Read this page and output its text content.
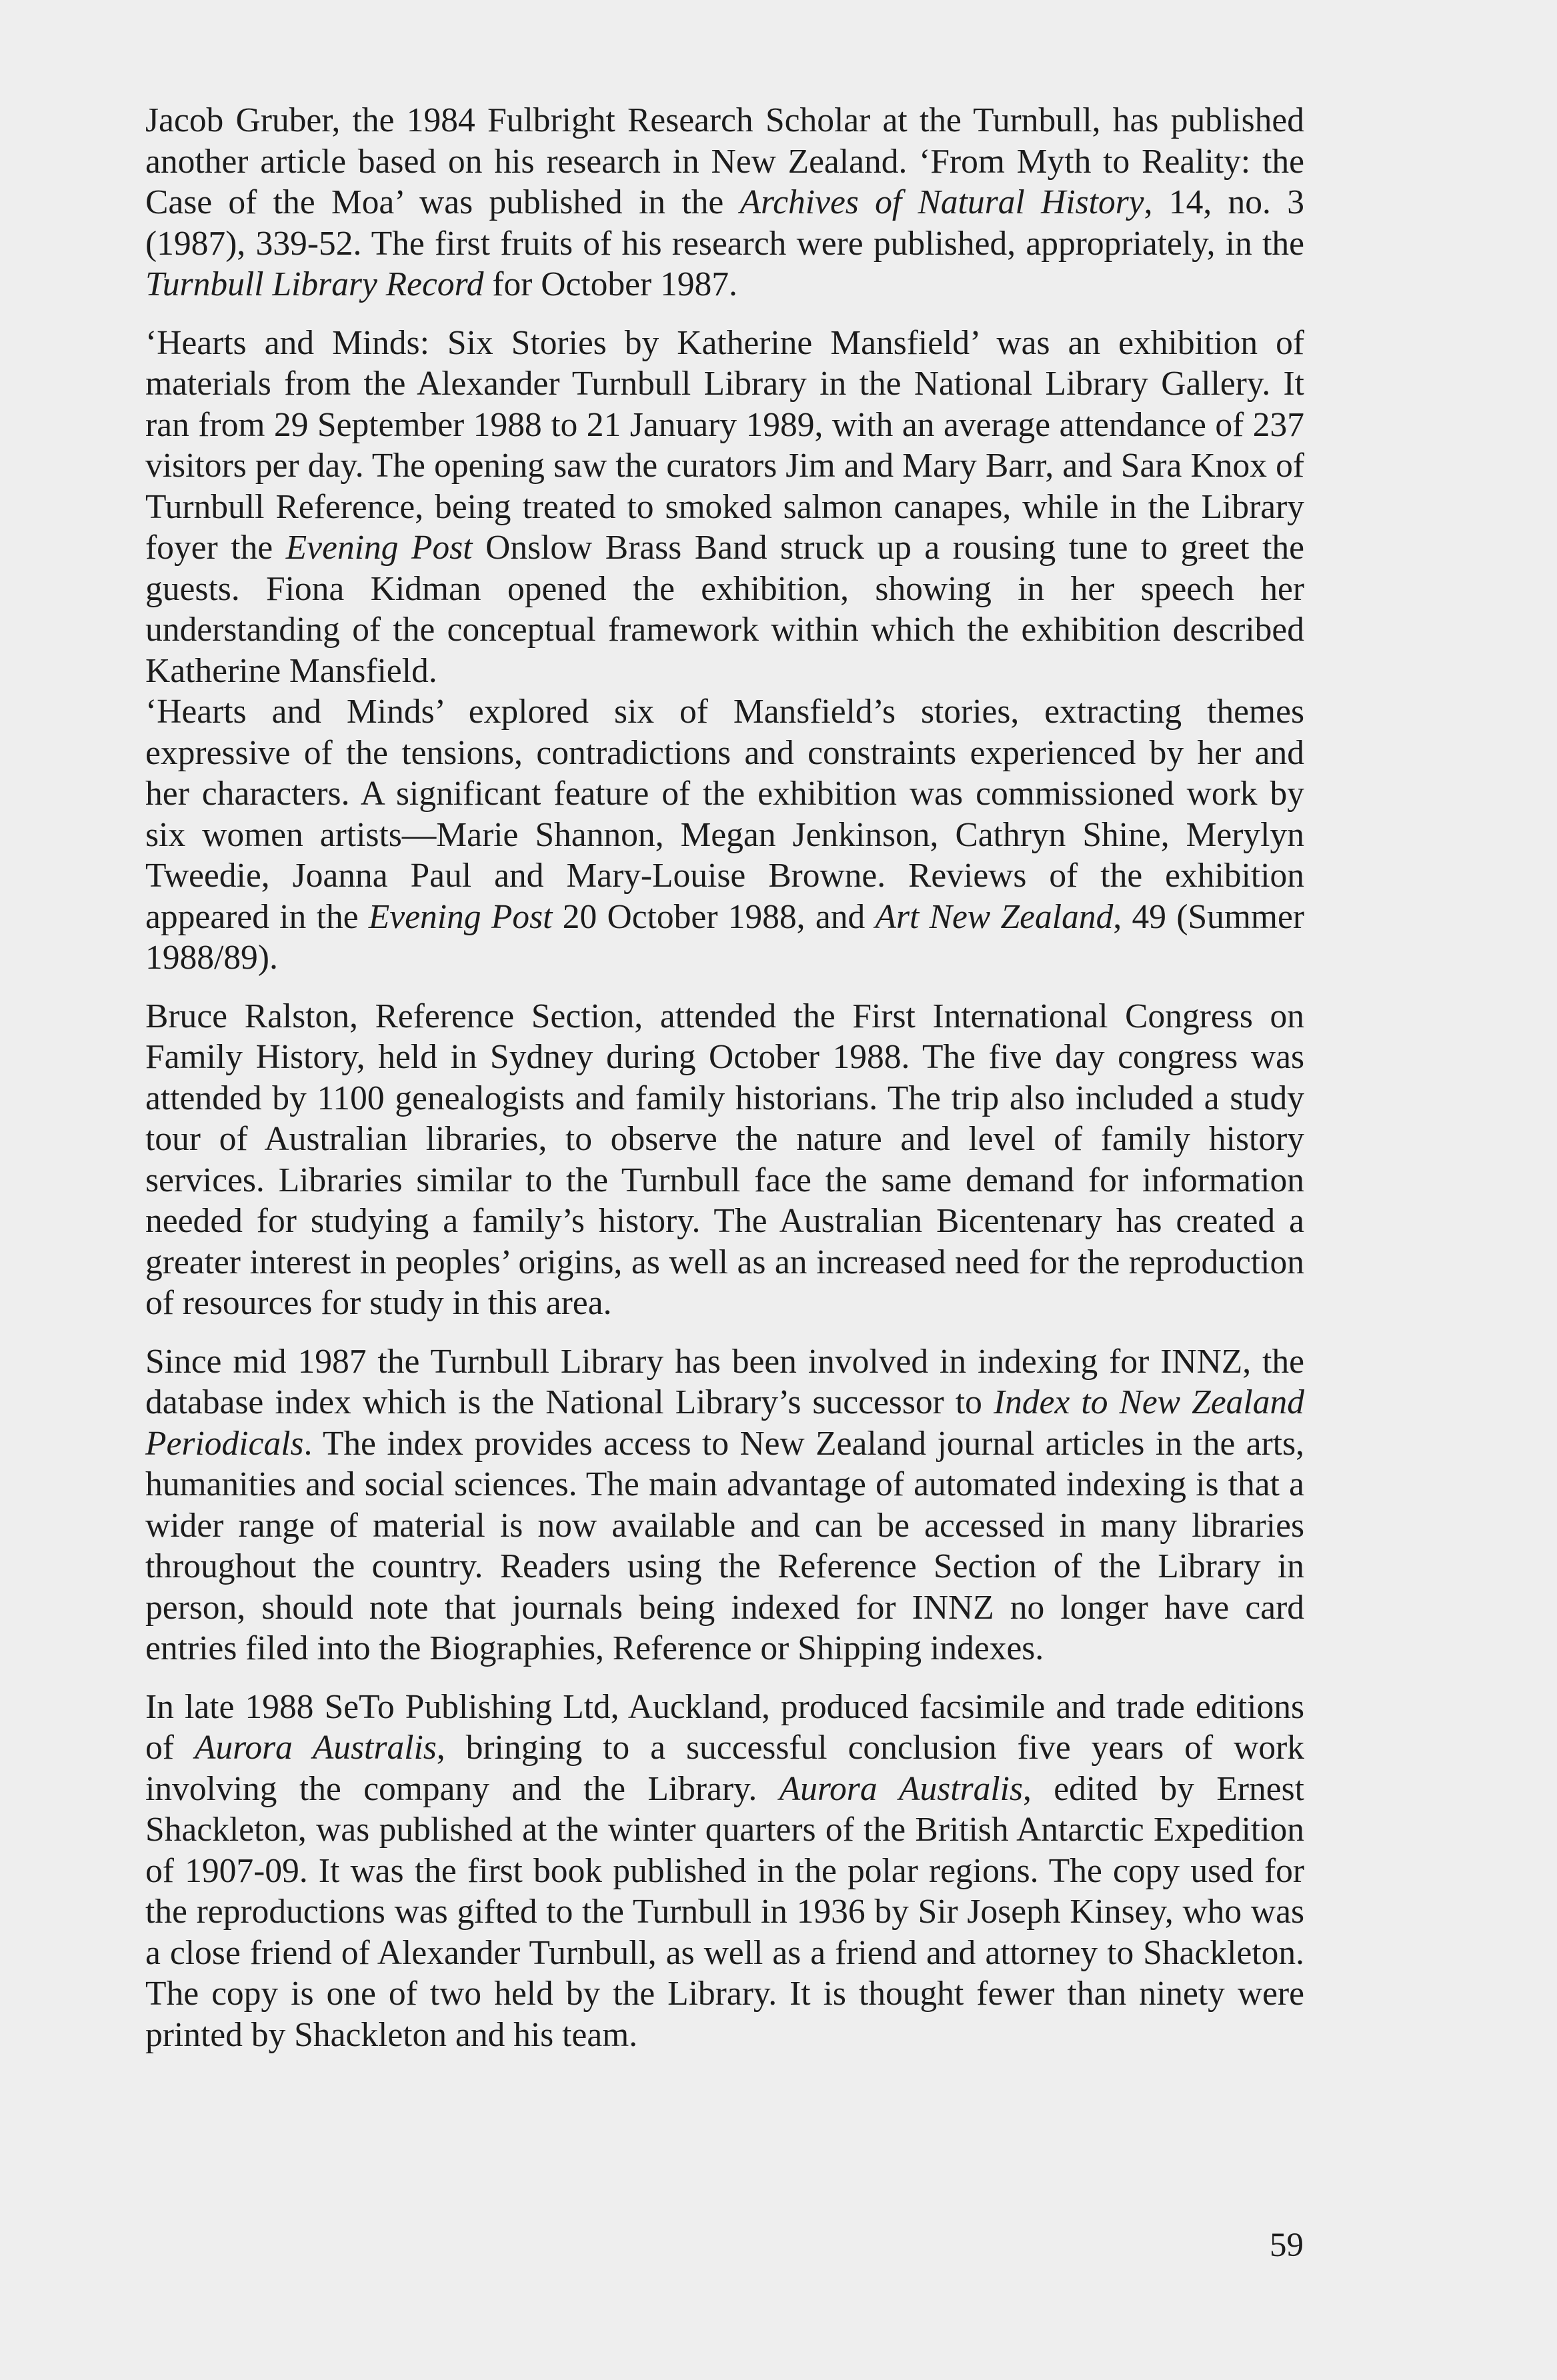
Jacob Gruber, the 1984 Fulbright Research Scholar at the Turnbull, has published another article based on his research in New Zealand. ‘From Myth to Reality: the Case of the Moa’ was published in the Archives of Natural History, 14, no. 3 (1987), 339-52. The first fruits of his research were published, appropriately, in the Turnbull Library Record for October 1987.

‘Hearts and Minds: Six Stories by Katherine Mansfield’ was an exhibition of materials from the Alexander Turnbull Library in the National Library Gallery. It ran from 29 September 1988 to 21 January 1989, with an average attendance of 237 visitors per day. The opening saw the curators Jim and Mary Barr, and Sara Knox of Turnbull Reference, being treated to smoked salmon canapes, while in the Library foyer the Evening Post Onslow Brass Band struck up a rousing tune to greet the guests. Fiona Kidman opened the exhibition, showing in her speech her understanding of the conceptual framework within which the exhibition described Katherine Mansfield.

‘Hearts and Minds’ explored six of Mansfield’s stories, extracting themes expressive of the tensions, contradictions and constraints experienced by her and her characters. A significant feature of the exhibition was commissioned work by six women artists—Marie Shannon, Megan Jenkinson, Cathryn Shine, Merylyn Tweedie, Joanna Paul and Mary-Louise Browne. Reviews of the exhibition appeared in the Evening Post 20 October 1988, and Art New Zealand, 49 (Summer 1988/89).

Bruce Ralston, Reference Section, attended the First International Congress on Family History, held in Sydney during October 1988. The five day congress was attended by 1100 genealogists and family historians. The trip also included a study tour of Australian libraries, to observe the nature and level of family history services. Libraries similar to the Turnbull face the same demand for information needed for studying a family’s history. The Australian Bicentenary has created a greater interest in peoples’ origins, as well as an increased need for the reproduction of resources for study in this area.

Since mid 1987 the Turnbull Library has been involved in indexing for INNZ, the database index which is the National Library’s successor to Index to New Zealand Periodicals. The index provides access to New Zealand journal articles in the arts, humanities and social sciences. The main advantage of automated indexing is that a wider range of material is now available and can be accessed in many libraries throughout the country. Readers using the Reference Section of the Library in person, should note that journals being indexed for INNZ no longer have card entries filed into the Biographies, Reference or Shipping indexes.

In late 1988 SeTo Publishing Ltd, Auckland, produced facsimile and trade editions of Aurora Australis, bringing to a successful conclusion five years of work involving the company and the Library. Aurora Australis, edited by Ernest Shackleton, was published at the winter quarters of the British Antarctic Expedition of 1907-09. It was the first book published in the polar regions. The copy used for the reproductions was gifted to the Turnbull in 1936 by Sir Joseph Kinsey, who was a close friend of Alexander Turnbull, as well as a friend and attorney to Shackleton. The copy is one of two held by the Library. It is thought fewer than ninety were printed by Shackleton and his team.

59
